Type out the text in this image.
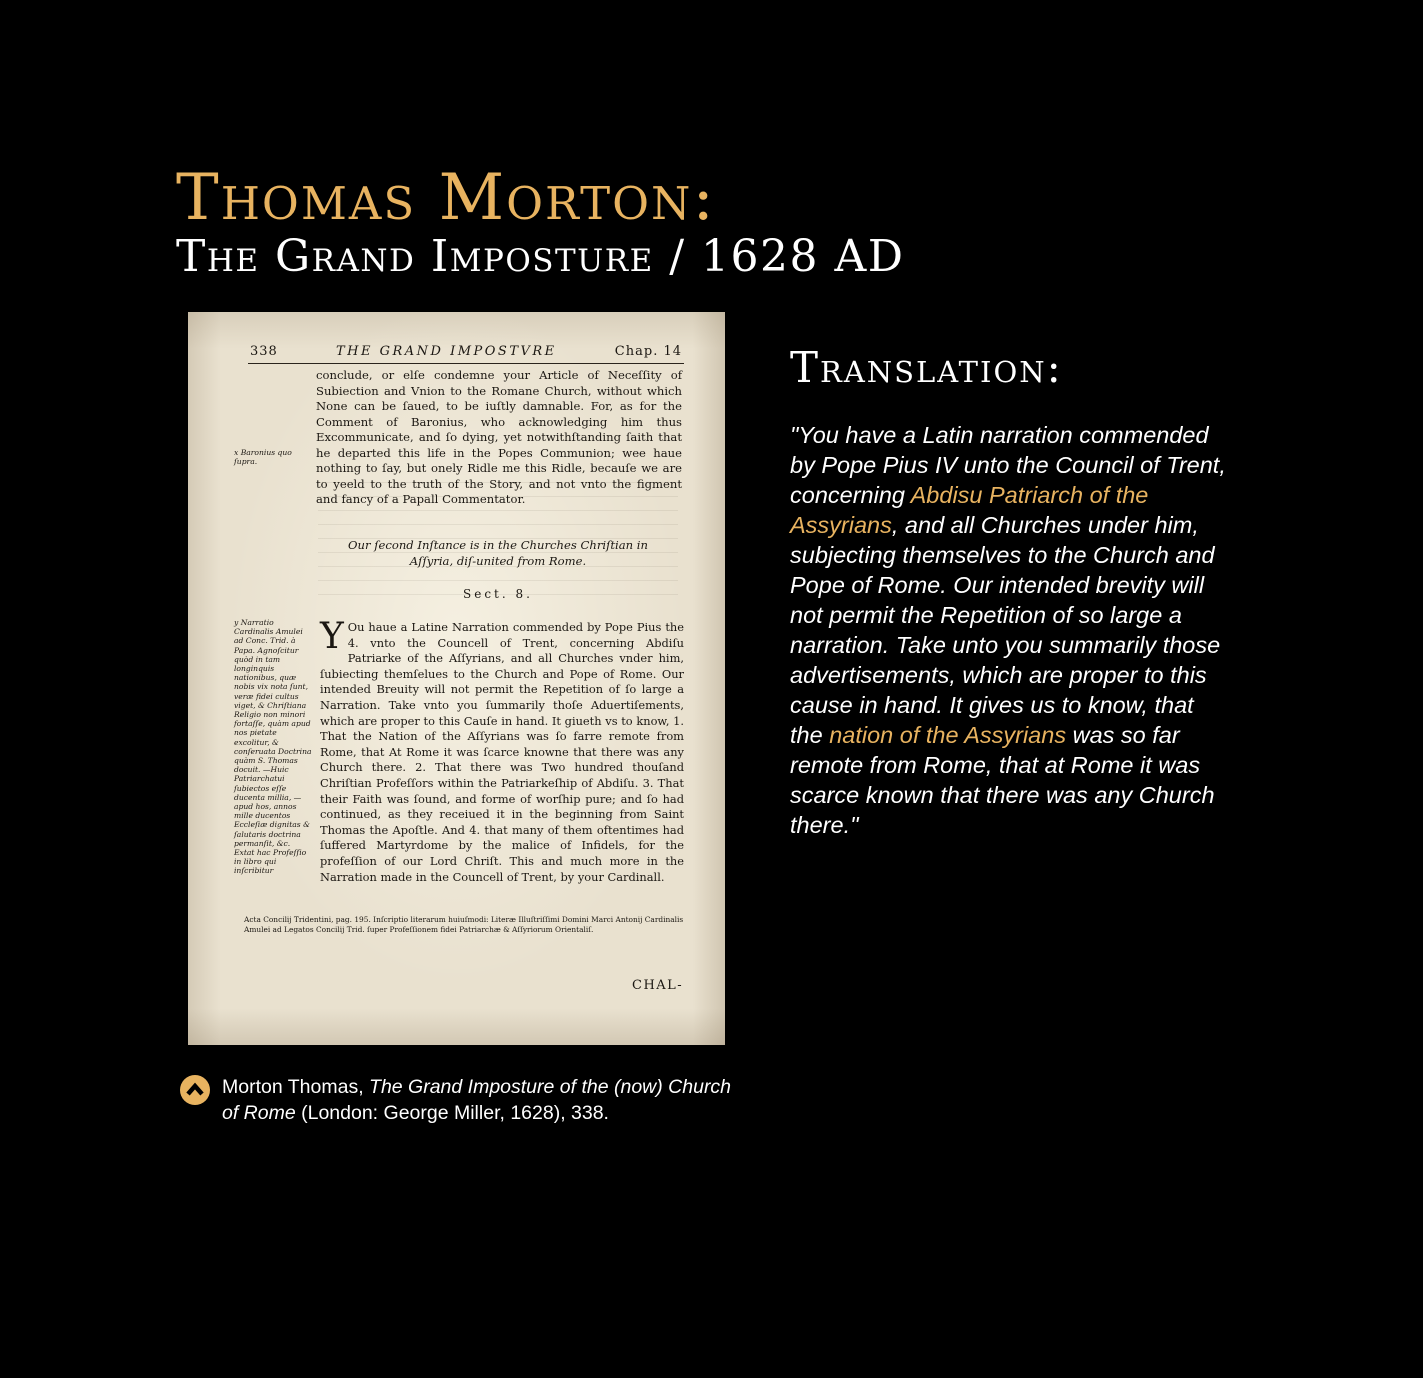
Thomas Morton:
The Grand Imposture / 1628 AD
338	THE GRAND IMPOSTVRE	Chap. 14
conclude, or elſe condemne your Article of Neceſſity of Subiection and Vnion to the Romane Church, without which None can be ſaued, to be iuſtly damnable. For, as for the Comment of Baronius, who acknowledging him thus Excommunicate, and ſo dying, yet notwithſtanding ſaith that he departed this life in the Popes Communion; wee haue nothing to ſay, but onely Ridle me this Ridle, becauſe we are to yeeld to the truth of the Story, and not vnto the figment and fancy of a Papall Commentator.
x Baronius quo ſupra.
Our ſecond Inſtance is in the Churches Chriſtian in
Aſſyria, diſ-united from Rome.
Sect. 8.
y Narratio Cardinalis Amulei ad Conc. Trid. à Papa. Agnoſcitur quòd in tam longinquis nationibus, quæ nobis vix nota ſunt, veræ fidei cultus viget, & Chriſtiana Religio non minori fortaſſe, quàm apud nos pietate excolitur, & conſeruata Doctrina quàm S. Thomas docuit. —Huic Patriarchatui ſubiectos eſſe ducenta millia, —apud hos, annos mille ducentos Eccleſiæ dignitas & ſalutaris doctrina permanſit, &c. Extat hac Profeſſio in libro qui inſcribitur
Y Ou haue a Latine Narration commended by Pope Pius the 4. vnto the Councell of Trent, concerning Abdiſu Patriarke of the Aſſyrians, and all Churches vnder him, ſubiecting themſelues to the Church and Pope of Rome. Our intended Breuity will not permit the Repetition of ſo large a Narration. Take vnto you ſummarily thoſe Aduertiſements, which are proper to this Cauſe in hand. It giueth vs to know, 1. That the Nation of the Aſſyrians was ſo farre remote from Rome, that At Rome it was ſcarce knowne that there was any Church there. 2. That there was Two hundred thouſand Chriſtian Profeſſors within the Patriarkeſhip of Abdiſu. 3. That their Faith was ſound, and forme of worſhip pure; and ſo had continued, as they receiued it in the beginning from Saint Thomas the Apoſtle. And 4. that many of them oftentimes had ſuffered Martyrdome by the malice of Infidels, for the profeſſion of our Lord Chriſt. This and much more in the Narration made in the Councell of Trent, by your Cardinall.
Acta Concilij Tridentini, pag. 195. Inſcriptio literarum huiuſmodi: Literæ Illuſtriſſimi Domini Marci Antonij Cardinalis Amulei ad Legatos Concilij Trid. ſuper Profeſſionem fidei Patriarchæ & Aſſyriorum Orientaliſ.
CHAL-
Translation:
"You have a Latin narration commended by Pope Pius IV unto the Council of Trent, concerning Abdisu Patriarch of the Assyrians, and all Churches under him, subjecting themselves to the Church and Pope of Rome. Our intended brevity will not permit the Repetition of so large a narration. Take unto you summarily those advertisements, which are proper to this cause in hand. It gives us to know, that the nation of the Assyrians was so far remote from Rome, that at Rome it was scarce known that there was any Church there."
Morton Thomas, The Grand Imposture of the (now) Church of Rome (London: George Miller, 1628), 338.
